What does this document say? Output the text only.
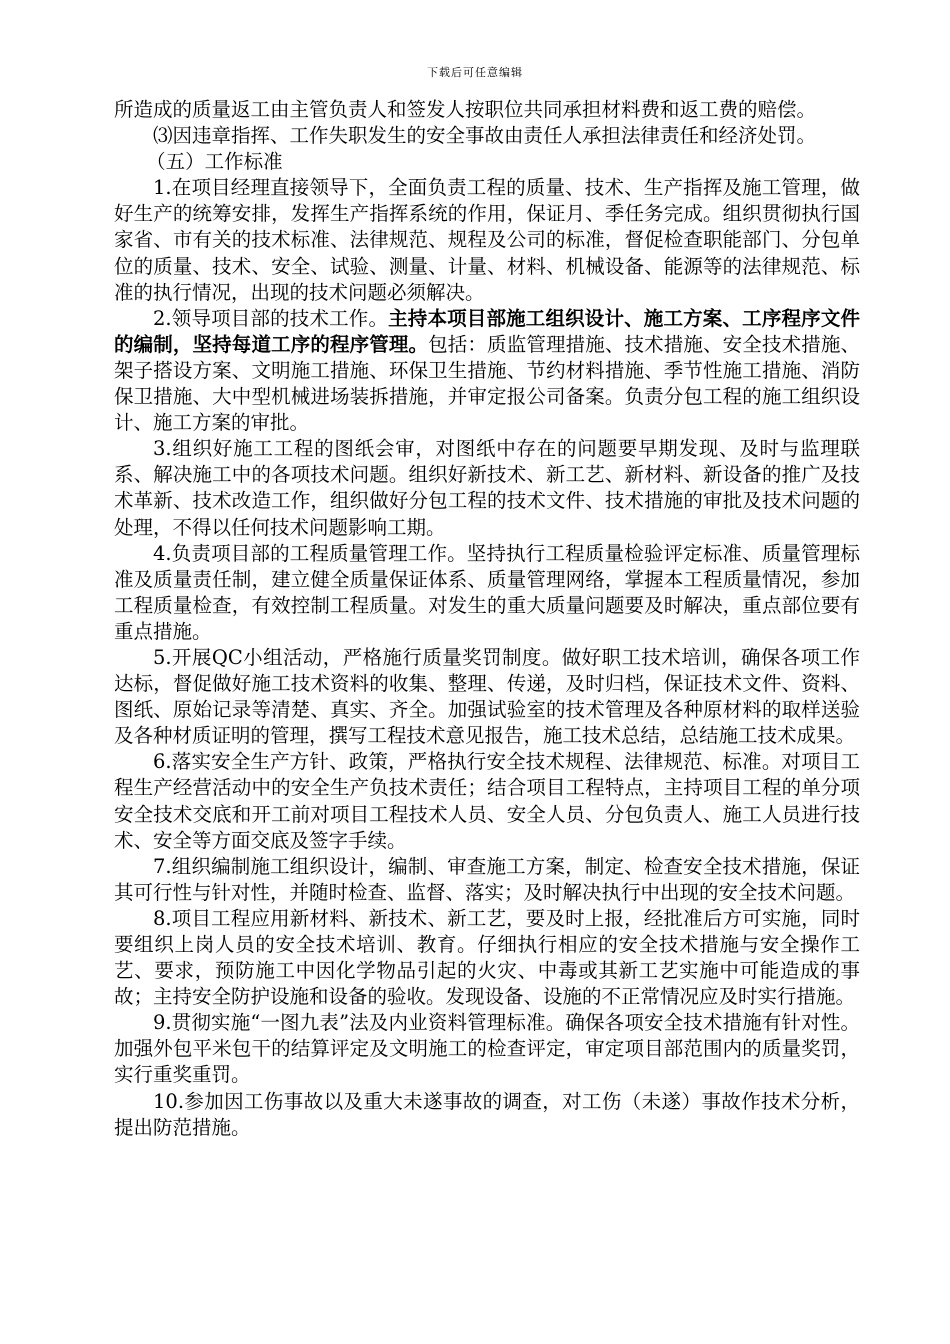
下载后可任意编辑

所造成的质量返工由主管负责人和签发人按职位共同承担材料费和返工费的赔偿。

⑶因违章指挥、工作失职发生的安全事故由责任人承担法律责任和经济处罚。

（五）工作标准

1.在项目经理直接领导下，全面负责工程的质量、技术、生产指挥及施工管理，做好生产的统筹安排，发挥生产指挥系统的作用，保证月、季任务完成。组织贯彻执行国家省、市有关的技术标准、法律规范、规程及公司的标准，督促检查职能部门、分包单位的质量、技术、安全、试验、测量、计量、材料、机械设备、能源等的法律规范、标准的执行情况，出现的技术问题必须解决。

2.领导项目部的技术工作。主持本项目部施工组织设计、施工方案、工序程序文件的编制，坚持每道工序的程序管理。包括：质监管理措施、技术措施、安全技术措施、架子搭设方案、文明施工措施、环保卫生措施、节约材料措施、季节性施工措施、消防保卫措施、大中型机械进场装拆措施，并审定报公司备案。负责分包工程的施工组织设计、施工方案的审批。

3.组织好施工工程的图纸会审，对图纸中存在的问题要早期发现、及时与监理联系、解决施工中的各项技术问题。组织好新技术、新工艺、新材料、新设备的推广及技术革新、技术改造工作，组织做好分包工程的技术文件、技术措施的审批及技术问题的处理，不得以任何技术问题影响工期。

4.负责项目部的工程质量管理工作。坚持执行工程质量检验评定标准、质量管理标准及质量责任制，建立健全质量保证体系、质量管理网络，掌握本工程质量情况，参加工程质量检查，有效控制工程质量。对发生的重大质量问题要及时解决，重点部位要有重点措施。

5.开展QC小组活动，严格施行质量奖罚制度。做好职工技术培训，确保各项工作达标，督促做好施工技术资料的收集、整理、传递，及时归档，保证技术文件、资料、图纸、原始记录等清楚、真实、齐全。加强试验室的技术管理及各种原材料的取样送验及各种材质证明的管理，撰写工程技术意见报告，施工技术总结，总结施工技术成果。

6.落实安全生产方针、政策，严格执行安全技术规程、法律规范、标准。对项目工程生产经营活动中的安全生产负技术责任；结合项目工程特点，主持项目工程的单分项安全技术交底和开工前对项目工程技术人员、安全人员、分包负责人、施工人员进行技术、安全等方面交底及签字手续。

7.组织编制施工组织设计，编制、审查施工方案，制定、检查安全技术措施，保证其可行性与针对性，并随时检查、监督、落实；及时解决执行中出现的安全技术问题。

8.项目工程应用新材料、新技术、新工艺，要及时上报，经批准后方可实施，同时要组织上岗人员的安全技术培训、教育。仔细执行相应的安全技术措施与安全操作工艺、要求，预防施工中因化学物品引起的火灾、中毒或其新工艺实施中可能造成的事故；主持安全防护设施和设备的验收。发现设备、设施的不正常情况应及时实行措施。

9.贯彻实施“一图九表”法及内业资料管理标准。确保各项安全技术措施有针对性。加强外包平米包干的结算评定及文明施工的检查评定，审定项目部范围内的质量奖罚，实行重奖重罚。

10.参加因工伤事故以及重大未遂事故的调查，对工伤（未遂）事故作技术分析，提出防范措施。
